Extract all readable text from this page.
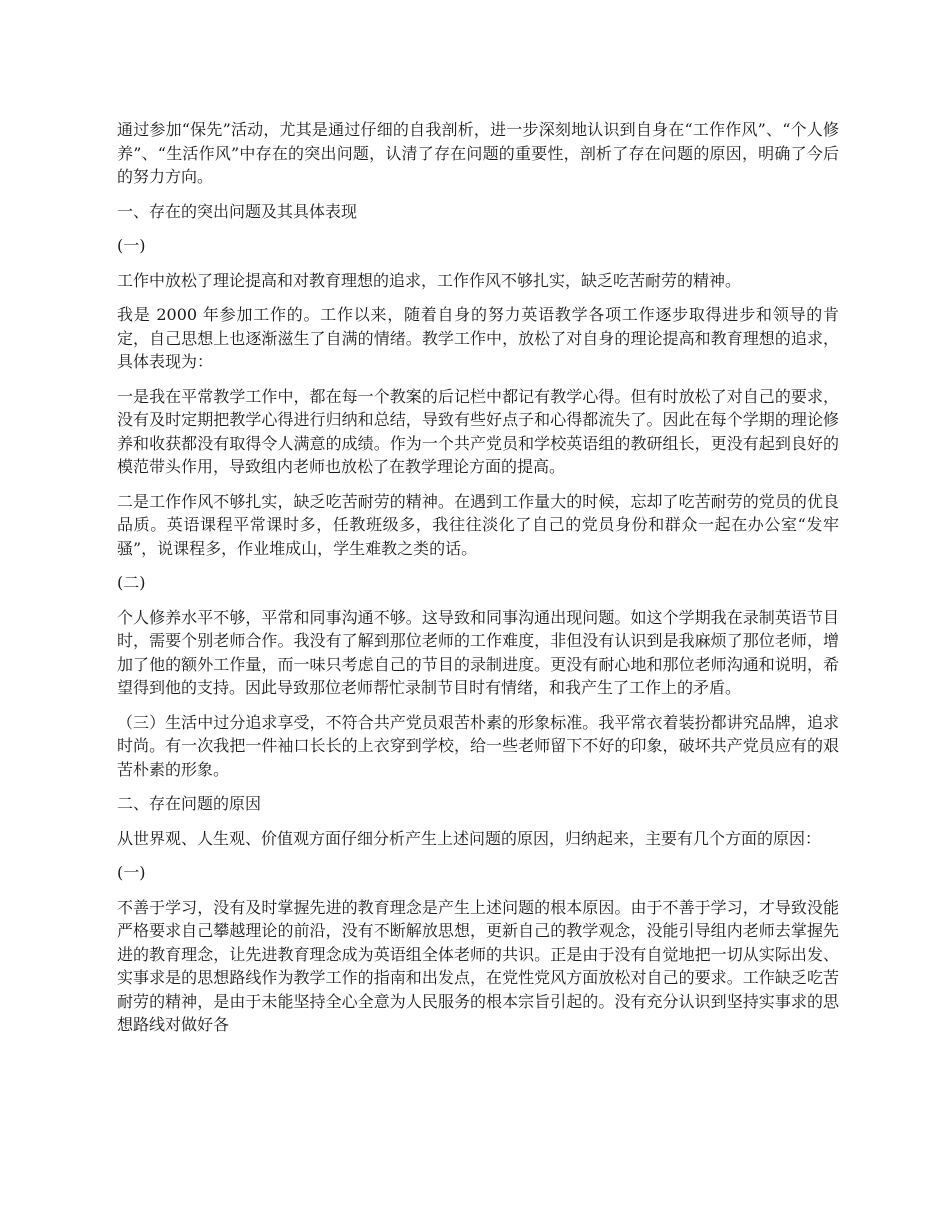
通过参加“保先”活动，尤其是通过仔细的自我剖析，进一步深刻地认识到自身在“工作作风”、“个人修养”、“生活作风”中存在的突出问题，认清了存在问题的重要性，剖析了存在问题的原因，明确了今后的努力方向。

一、存在的突出问题及其具体表现

(一)

工作中放松了理论提高和对教育理想的追求，工作作风不够扎实，缺乏吃苦耐劳的精神。

我是 2000 年参加工作的。工作以来，随着自身的努力英语教学各项工作逐步取得进步和领导的肯定，自己思想上也逐渐滋生了自满的情绪。教学工作中，放松了对自身的理论提高和教育理想的追求，具体表现为：

一是我在平常教学工作中，都在每一个教案的后记栏中都记有教学心得。但有时放松了对自己的要求，没有及时定期把教学心得进行归纳和总结，导致有些好点子和心得都流失了。因此在每个学期的理论修养和收获都没有取得令人满意的成绩。作为一个共产党员和学校英语组的教研组长，更没有起到良好的模范带头作用，导致组内老师也放松了在教学理论方面的提高。

二是工作作风不够扎实，缺乏吃苦耐劳的精神。在遇到工作量大的时候，忘却了吃苦耐劳的党员的优良品质。英语课程平常课时多，任教班级多，我往往淡化了自己的党员身份和群众一起在办公室“发牢骚”，说课程多，作业堆成山，学生难教之类的话。

(二)

个人修养水平不够，平常和同事沟通不够。这导致和同事沟通出现问题。如这个学期我在录制英语节目时，需要个别老师合作。我没有了解到那位老师的工作难度，非但没有认识到是我麻烦了那位老师，增加了他的额外工作量，而一味只考虑自己的节目的录制进度。更没有耐心地和那位老师沟通和说明，希望得到他的支持。因此导致那位老师帮忙录制节目时有情绪，和我产生了工作上的矛盾。

（三）生活中过分追求享受，不符合共产党员艰苦朴素的形象标准。我平常衣着装扮都讲究品牌，追求时尚。有一次我把一件袖口长长的上衣穿到学校，给一些老师留下不好的印象，破坏共产党员应有的艰苦朴素的形象。

二、存在问题的原因

从世界观、人生观、价值观方面仔细分析产生上述问题的原因，归纳起来，主要有几个方面的原因：

(一)

不善于学习，没有及时掌握先进的教育理念是产生上述问题的根本原因。由于不善于学习，才导致没能严格要求自己攀越理论的前沿，没有不断解放思想，更新自己的教学观念，没能引导组内老师去掌握先进的教育理念，让先进教育理念成为英语组全体老师的共识。正是由于没有自觉地把一切从实际出发、实事求是的思想路线作为教学工作的指南和出发点，在党性党风方面放松对自己的要求。工作缺乏吃苦耐劳的精神，是由于未能坚持全心全意为人民服务的根本宗旨引起的。没有充分认识到坚持实事求的思想路线对做好各
